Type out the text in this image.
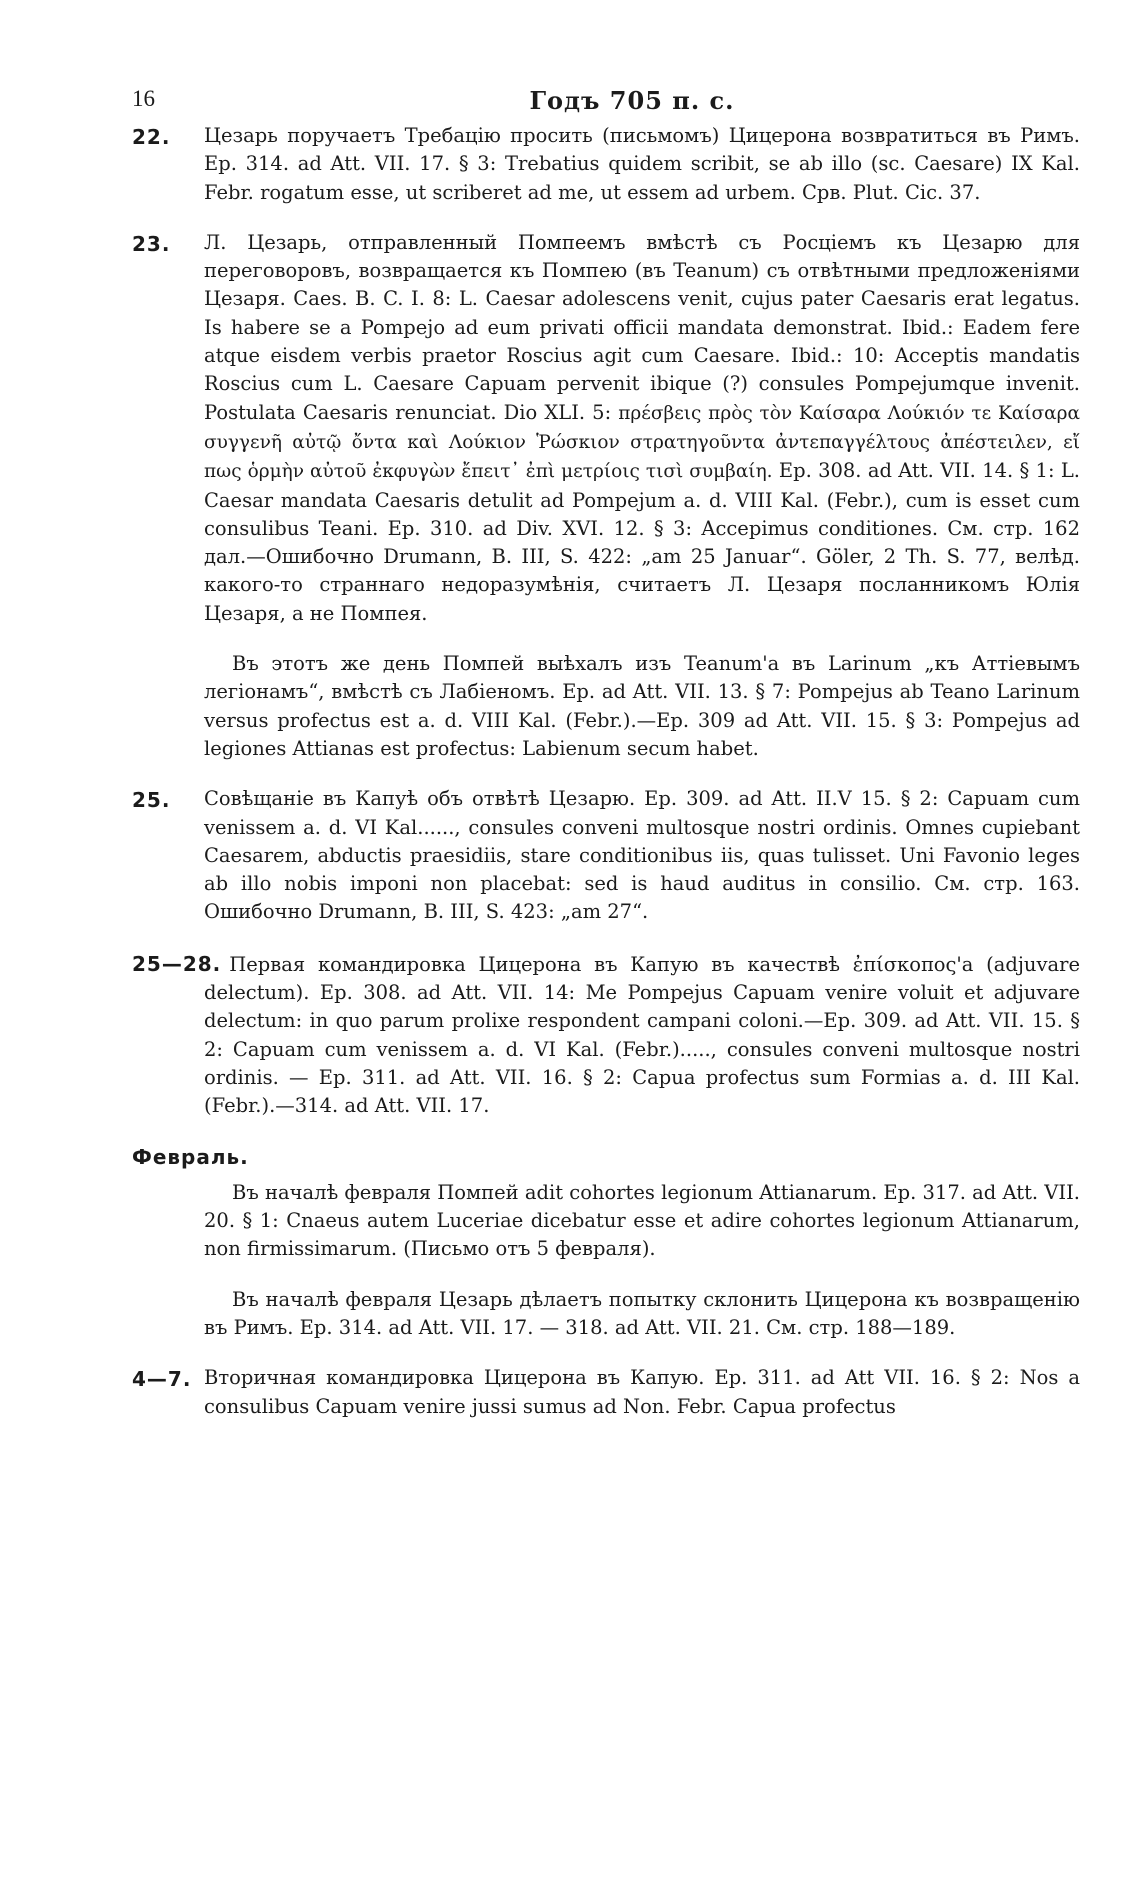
16	Годъ 705 п. с.
22.	Цезарь поручаетъ Требацiю просить (письмомъ) Цицерона возвратиться въ Римъ. Ep. 314. ad Att. VII. 17. § 3: Trebatius quidem scribit, se ab illo (sc. Caesare) IX Kal. Febr. rogatum esse, ut scriberet ad me, ut essem ad urbem. Срв. Plut. Cic. 37.
23.	Л. Цезарь, отправленный Помпеемъ вмѣстѣ съ Росцiемъ къ Цезарю для переговоровъ, возвращается къ Помпею (въ Teanum) съ отвѣтными предложенiями Цезаря. Caes. B. C. I. 8: L. Caesar adolescens venit, cujus pater Caesaris erat legatus. Is habere se a Pompejo ad eum privati officii mandata demonstrat. Ibid.: Eadem fere atque eisdem verbis praetor Roscius agit cum Caesare. Ibid.: 10: Acceptis mandatis Roscius cum L. Caesare Capuam pervenit ibique (?) consules Pompejumque invenit. Postulata Caesaris renunciat. Dio XLI. 5: πρέσβεις πρὸς τὸν Καίσαρα Λούκιόν τε Καίσαρα συγγενῆ αὐτῷ ὄντα καὶ Λούκιον Ῥώσκιον στρατηγοῦντα ἀντεπαγγέλτους ἀπέστειλεν, εἴ πως ὁρμὴν αὐτοῦ ἐκφυγὼν ἔπειτ᾽ ἐπὶ μετρίοις τισὶ συμβαίη. Ep. 308. ad Att. VII. 14. § 1: L. Caesar mandata Caesaris detulit ad Pompejum a. d. VIII Kal. (Febr.), cum is esset cum consulibus Teani. Ep. 310. ad Div. XVI. 12. § 3: Accepimus conditiones. См. стр. 162 дал.—Ошибочно Drumann, B. III, S. 422: „am 25 Januar“. Göler, 2 Th. S. 77, велѣд. какого-то страннаго недоразумѣнiя, считаетъ Л. Цезаря посланникомъ Юлiя Цезаря, а не Помпея.
Въ этотъ же день Помпей выѣхалъ изъ Teanum'a въ Larinum „къ Аттiевымъ легiонамъ“, вмѣстѣ съ Лабiеномъ. Ep. ad Att. VII. 13. § 7: Pompejus ab Teano Larinum versus profectus est a. d. VIII Kal. (Febr.).—Ep. 309 ad Att. VII. 15. § 3: Pompejus ad legiones Attianas est profectus: Labienum secum habet.
25.	Совѣщанiе въ Капуѣ объ отвѣтѣ Цезарю. Ep. 309. ad Att. II.V 15. § 2: Capuam cum venissem a. d. VI Kal......, consules conveni multosque nostri ordinis. Omnes cupiebant Caesarem, abductis praesidiis, stare conditionibus iis, quas tulisset. Uni Favonio leges ab illo nobis imponi non placebat: sed is haud auditus in consilio. См. стр. 163. Ошибочно Drumann, B. III, S. 423: „am 27“.
25—28. Первая командировка Цицерона въ Капую въ качествѣ ἐπίσκοπος'а (adjuvare delectum). Ep. 308. ad Att. VII. 14: Me Pompejus Capuam venire voluit et adjuvare delectum: in quo parum prolixe respondent campani coloni.—Ep. 309. ad Att. VII. 15. § 2: Capuam cum venissem a. d. VI Kal. (Febr.)....., consules conveni multosque nostri ordinis. — Ep. 311. ad Att. VII. 16. § 2: Capua profectus sum Formias a. d. III Kal. (Febr.).—314. ad Att. VII. 17.
Февраль.
Въ началѣ февраля Помпей adit cohortes legionum Attianarum. Ep. 317. ad Att. VII. 20. § 1: Cnaeus autem Luceriae dicebatur esse et adire cohortes legionum Attianarum, non firmissimarum. (Письмо отъ 5 февраля).
Въ началѣ февраля Цезарь дѣлаетъ попытку склонить Цицерона къ возвращенiю въ Римъ. Ep. 314. ad Att. VII. 17. — 318. ad Att. VII. 21. См. стр. 188—189.
4—7. Вторичная командировка Цицерона въ Капую. Ep. 311. ad Att VII. 16. § 2: Nos a consulibus Capuam venire jussi sumus ad Non. Febr. Capua profectus
